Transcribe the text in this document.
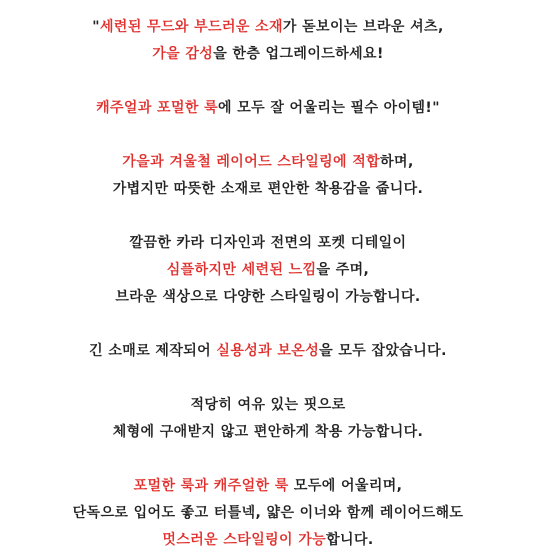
"세련된 무드와 부드러운 소재가 돋보이는 브라운 셔츠,
가을 감성을 한층 업그레이드하세요!
캐주얼과 포멀한 룩에 모두 잘 어울리는 필수 아이템!"
가을과 겨울철 레이어드 스타일링에 적합하며,
가볍지만 따뜻한 소재로 편안한 착용감을 줍니다.
깔끔한 카라 디자인과 전면의 포켓 디테일이
심플하지만 세련된 느낌을 주며,
브라운 색상으로 다양한 스타일링이 가능합니다.
긴 소매로 제작되어 실용성과 보온성을 모두 잡았습니다.
적당히 여유 있는 핏으로
체형에 구애받지 않고 편안하게 착용 가능합니다.
포멀한 룩과 캐주얼한 룩 모두에 어울리며,
단독으로 입어도 좋고 터틀넥, 얇은 이너와 함께 레이어드해도
멋스러운 스타일링이 가능합니다.
